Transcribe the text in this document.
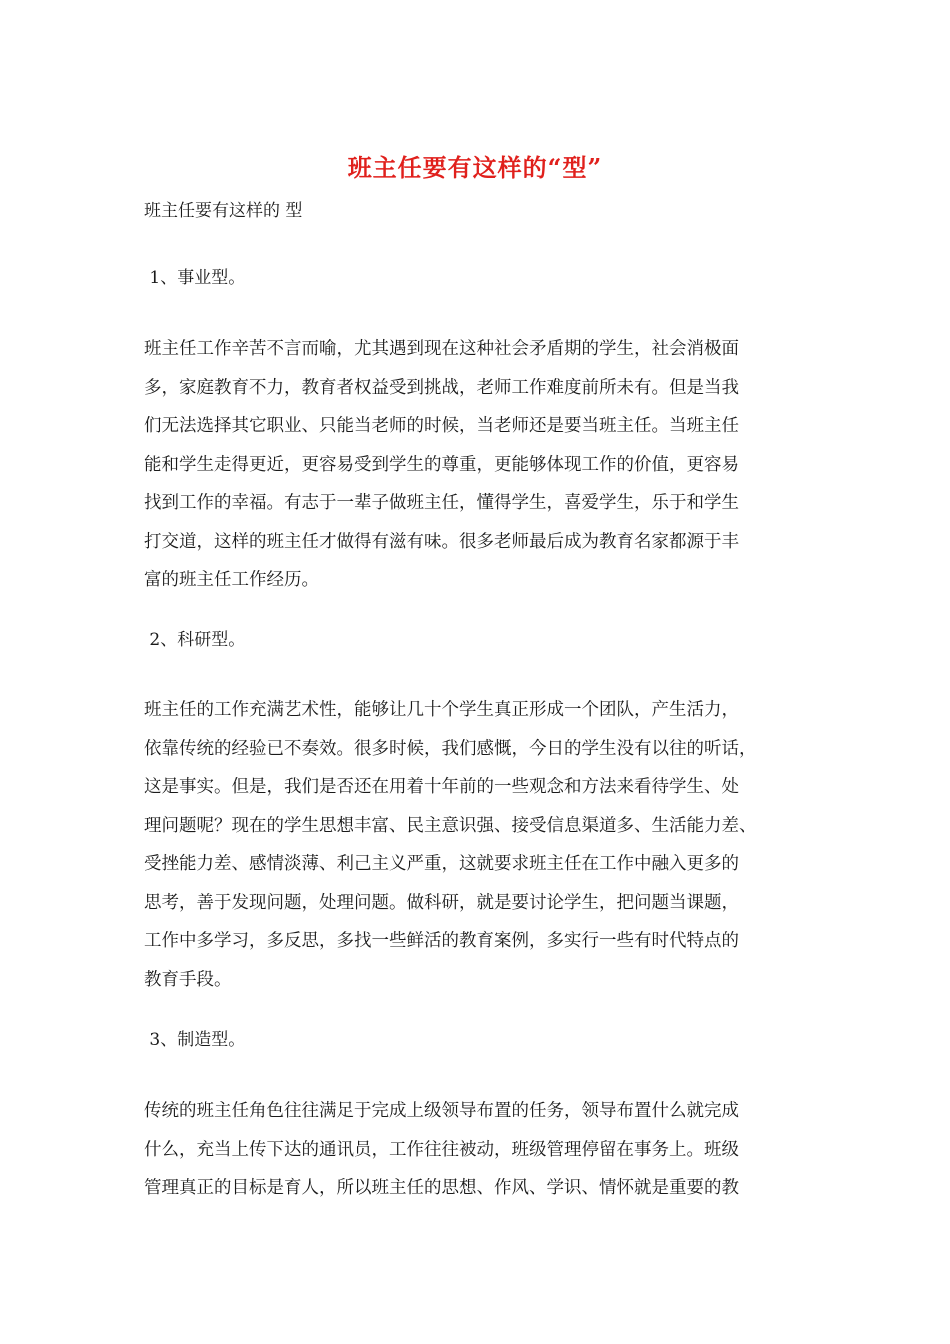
班主任要有这样的“型”
班主任要有这样的 型
1、事业型。
班主任工作辛苦不言而喻，尤其遇到现在这种社会矛盾期的学生，社会消极面
多，家庭教育不力，教育者权益受到挑战，老师工作难度前所未有。但是当我
们无法选择其它职业、只能当老师的时候，当老师还是要当班主任。当班主任
能和学生走得更近，更容易受到学生的尊重，更能够体现工作的价值，更容易
找到工作的幸福。有志于一辈子做班主任，懂得学生，喜爱学生，乐于和学生
打交道，这样的班主任才做得有滋有味。很多老师最后成为教育名家都源于丰
富的班主任工作经历。
2、科研型。
班主任的工作充满艺术性，能够让几十个学生真正形成一个团队，产生活力，
依靠传统的经验已不奏效。很多时候，我们感慨，今日的学生没有以往的听话，
这是事实。但是，我们是否还在用着十年前的一些观念和方法来看待学生、处
理问题呢？现在的学生思想丰富、民主意识强、接受信息渠道多、生活能力差、
受挫能力差、感情淡薄、利己主义严重，这就要求班主任在工作中融入更多的
思考，善于发现问题，处理问题。做科研，就是要讨论学生，把问题当课题，
工作中多学习，多反思，多找一些鲜活的教育案例，多实行一些有时代特点的
教育手段。
3、制造型。
传统的班主任角色往往满足于完成上级领导布置的任务，领导布置什么就完成
什么，充当上传下达的通讯员，工作往往被动，班级管理停留在事务上。班级
管理真正的目标是育人，所以班主任的思想、作风、学识、情怀就是重要的教
